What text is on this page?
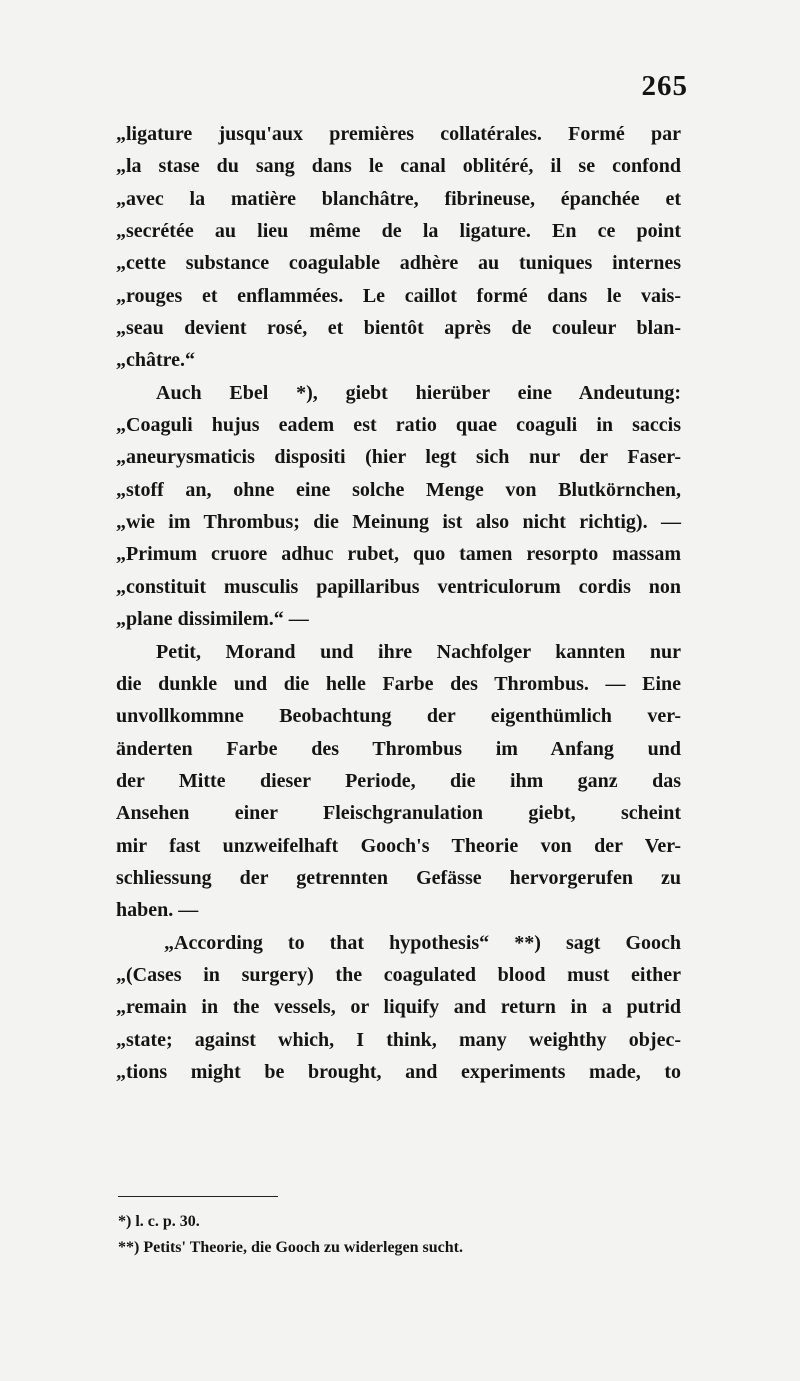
265
„ligature jusqu'aux premières collatérales. Formé par
„la stase du sang dans le canal oblitéré, il se confond
„avec la matière blanchâtre, fibrineuse, épanchée et
„secrétée au lieu même de la ligature. En ce point
„cette substance coagulable adhère au tuniques internes
„rouges et enflammées. Le caillot formé dans le vais-
„seau devient rosé, et bientôt après de couleur blan-
„châtre.“
Auch Ebel *), giebt hierüber eine Andeutung:
„Coaguli hujus eadem est ratio quae coaguli in saccis
„aneurysmaticis dispositi (hier legt sich nur der Faser-
„stoff an, ohne eine solche Menge von Blutkörnchen,
„wie im Thrombus; die Meinung ist also nicht richtig). —
„Primum cruore adhuc rubet, quo tamen resorpto massam
„constituit musculis papillaribus ventriculorum cordis non
„plane dissimilem.“ —
Petit, Morand und ihre Nachfolger kannten nur
die dunkle und die helle Farbe des Thrombus. — Eine
unvollkommne Beobachtung der eigenthümlich ver-
änderten Farbe des Thrombus im Anfang und
der Mitte dieser Periode, die ihm ganz das
Ansehen einer Fleischgranulation giebt, scheint
mir fast unzweifelhaft Gooch's Theorie von der Ver-
schliessung der getrennten Gefässe hervorgerufen zu
haben. —
„According to that hypothesis“ **) sagt Gooch
„(Cases in surgery) the coagulated blood must either
„remain in the vessels, or liquify and return in a putrid
„state; against which, I think, many weighthy objec-
„tions might be brought, and experiments made, to
*) l. c. p. 30.
**) Petits' Theorie, die Gooch zu widerlegen sucht.
